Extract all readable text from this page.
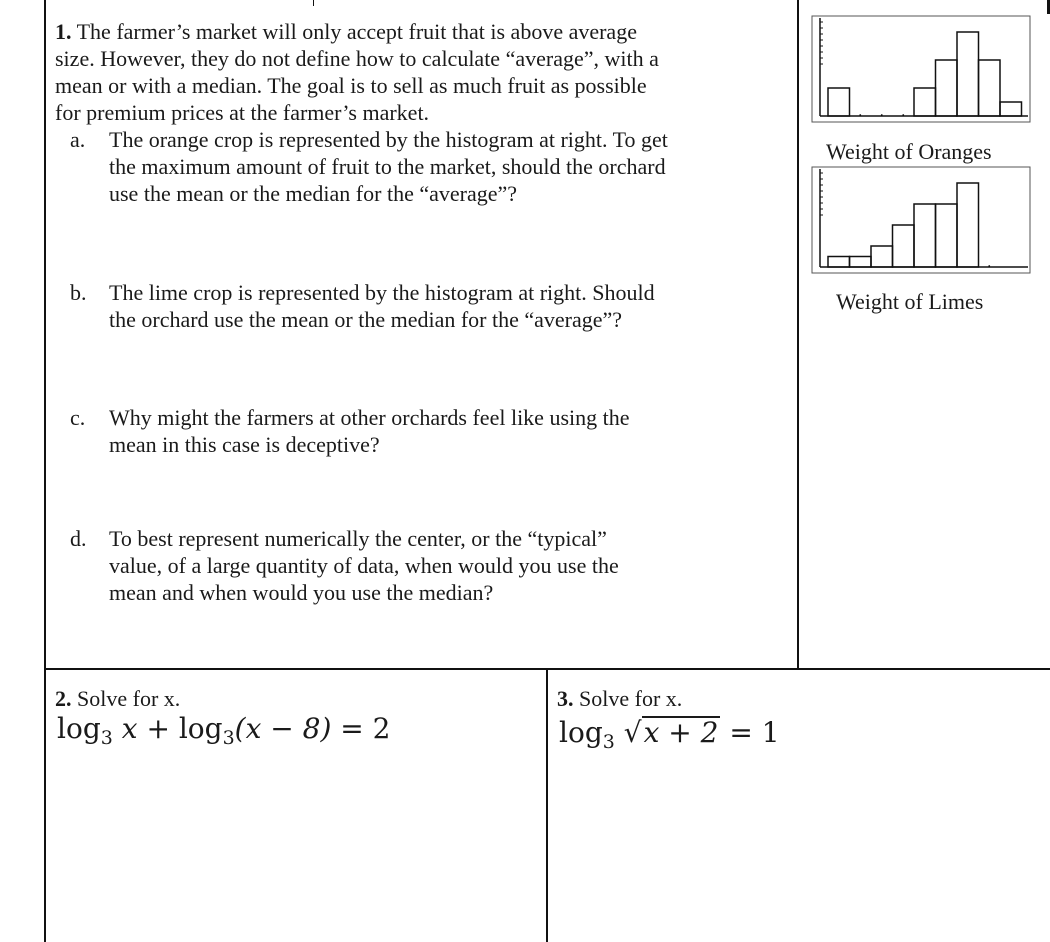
1. The farmer’s market will only accept fruit that is above average
size. However, they do not define how to calculate “average”, with a
mean or with a median. The goal is to sell as much fruit as possible
for premium prices at the farmer’s market.
a. The orange crop is represented by the histogram at right. To get
the maximum amount of fruit to the market, should the orchard
use the mean or the median for the “average”?
b. The lime crop is represented by the histogram at right. Should
the orchard use the mean or the median for the “average”?
c. Why might the farmers at other orchards feel like using the
mean in this case is deceptive?
d. To best represent numerically the center, or the “typical”
value, of a large quantity of data, when would you use the
mean and when would you use the median?
Weight of Oranges
Weight of Limes
2. Solve for x.
$\log_3 x + \log_3(x - 8) = 2$
3. Solve for x.
$\log_3 √x + 2 = 1$
